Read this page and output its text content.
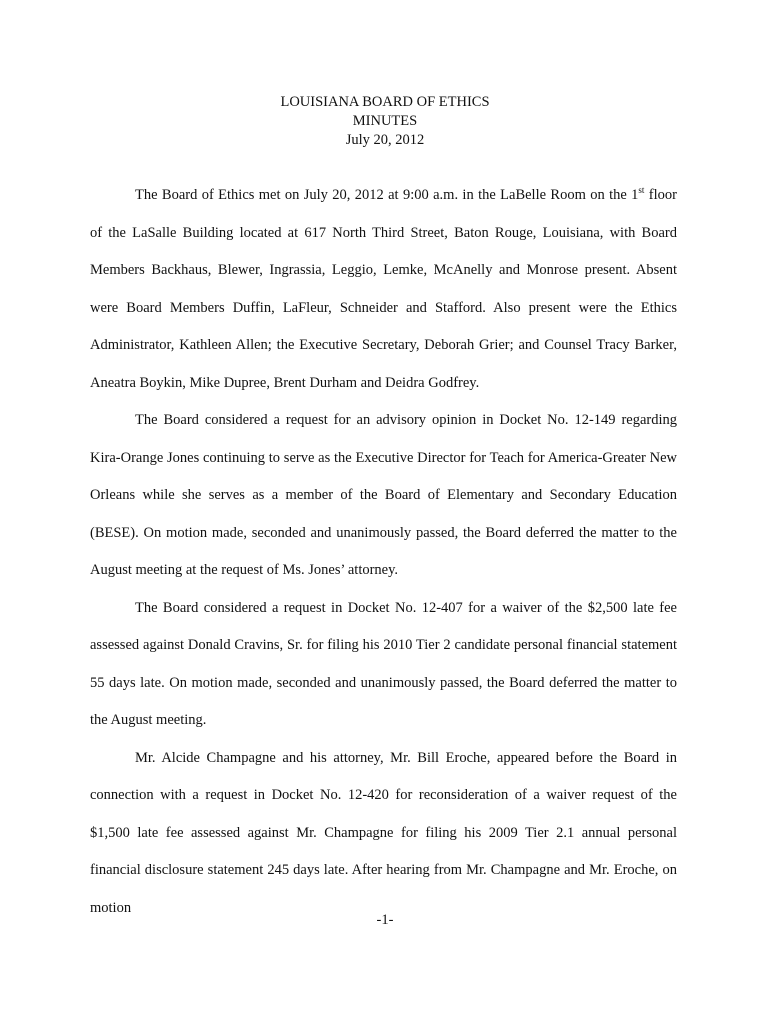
LOUISIANA BOARD OF ETHICS
MINUTES
July 20, 2012

The Board of Ethics met on July 20, 2012 at 9:00 a.m. in the LaBelle Room on the 1st floor of the LaSalle Building located at 617 North Third Street, Baton Rouge, Louisiana, with Board Members Backhaus, Blewer, Ingrassia, Leggio, Lemke, McAnelly and Monrose present. Absent were Board Members Duffin, LaFleur, Schneider and Stafford. Also present were the Ethics Administrator, Kathleen Allen; the Executive Secretary, Deborah Grier; and Counsel Tracy Barker, Aneatra Boykin, Mike Dupree, Brent Durham and Deidra Godfrey.

The Board considered a request for an advisory opinion in Docket No. 12-149 regarding Kira-Orange Jones continuing to serve as the Executive Director for Teach for America-Greater New Orleans while she serves as a member of the Board of Elementary and Secondary Education (BESE). On motion made, seconded and unanimously passed, the Board deferred the matter to the August meeting at the request of Ms. Jones’ attorney.

The Board considered a request in Docket No. 12-407 for a waiver of the $2,500 late fee assessed against Donald Cravins, Sr. for filing his 2010 Tier 2 candidate personal financial statement 55 days late. On motion made, seconded and unanimously passed, the Board deferred the matter to the August meeting.

Mr. Alcide Champagne and his attorney, Mr. Bill Eroche, appeared before the Board in connection with a request in Docket No. 12-420 for reconsideration of a waiver request of the $1,500 late fee assessed against Mr. Champagne for filing his 2009 Tier 2.1 annual personal financial disclosure statement 245 days late. After hearing from Mr. Champagne and Mr. Eroche, on motion

-1-
